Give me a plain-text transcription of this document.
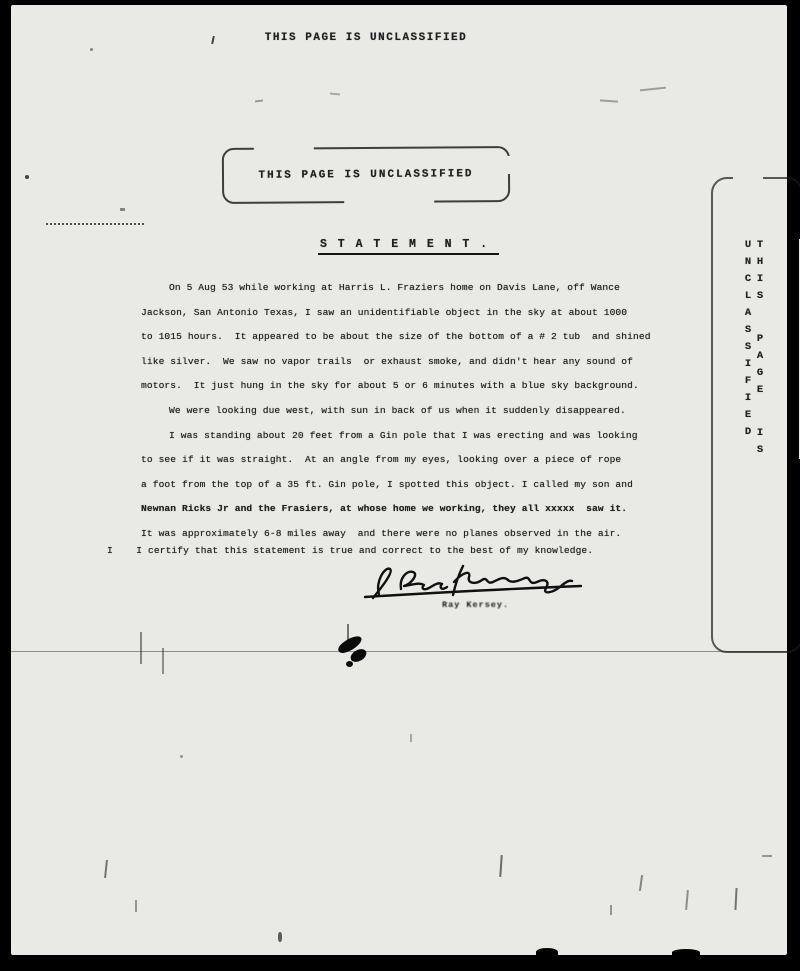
THIS PAGE IS UNCLASSIFIED
THIS PAGE IS UNCLASSIFIED
S T A T E M E N T .
On 5 Aug 53 while working at Harris L. Fraziers home on Davis Lane, off Wance
Jackson, San Antonio Texas, I saw an unidentifiable object in the sky at about 1000
to 1015 hours.  It appeared to be about the size of the bottom of a # 2 tub  and shined
like silver.  We saw no vapor trails  or exhaust smoke, and didn't hear any sound of
motors.  It just hung in the sky for about 5 or 6 minutes with a blue sky background.
We were looking due west, with sun in back of us when it suddenly disappeared.
I was standing about 20 feet from a Gin pole that I was erecting and was looking
to see if it was straight.  At an angle from my eyes, looking over a piece of rope
a foot from the top of a 35 ft. Gin pole, I spotted this object. I called my son and
Newnan Ricks Jr and the Frasiers, at whose home we working, they all xxxxx  saw it.
It was approximately 6-8 miles away  and there were no planes observed in the air.
I    I certify that this statement is true and correct to the best of my knowledge.
Ray Kersey.
THIS PAGE IS UNCLASSIFIED
